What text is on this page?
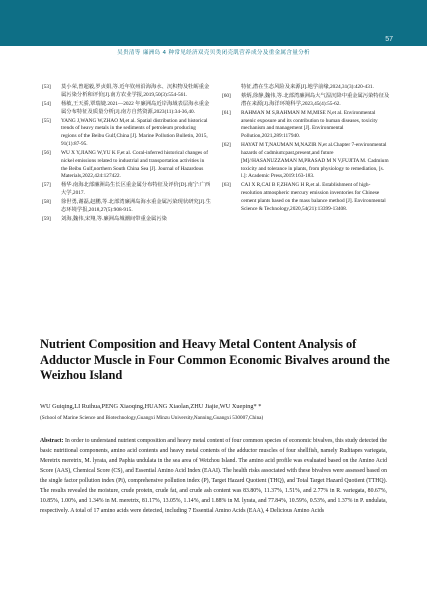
57
吴贵清等 廉洲岛 4 种常见经济双壳贝类闭壳肌营养成分及重金属含量分析
[53]	莫小荣,曾超毅,罗贞娟,等.近年钦州沿海海水、沉积物及牡蛎重金属污染分析和评价[J].南方农业学报,2019,50(3):554-561.
[54]	杨敏,王天骄,覃瑞婕.2021—2022 年廉洲岛近岸海域表层海水重金属分布特征及质量分析[J].南方自然资源,2023(11):34-36,40.
[55]	YANG J,WANG W,ZHAO M,et al. Spatial distribution and historical trends of heavy metals in the sediments of petroleum producing regions of the Beibu Gulf,China [J]. Marine Pollution Bulletin, 2015, 91(1):87-95.
[56]	WU X Y,JIANG W,YU K F,et al. Coral-inferred historical changes of nickel emissions related to industrial and transportation activities in the Beibu Gulf,northern South China Sea [J]. Journal of Hazardous Materials,2022,424:127422.
[57]	杨华.南海北部廉洲岛生长区重金属分布特征及评价[D].南宁:广西大学,2017.
[58]	徐世勇,谢磊,赵鹏,等.北部湾廉洲岛海水重金属污染现状研究[J].生态环境学报,2018,27(5):908-915.
[59]	刘海,魏伟,宋翔,等.廉洲岛城潮间带重金属污染
特征,潜在生态风险及来源[J].地学前缘,2024,31(3):420-431.
[60]	蔡炳,徐静,魏伟,等.北部湾廉洲岛大气湿沉降中重金属污染特征及潜在来源[J].海洋环境科学,2023,45(4):55-62.
[61]	RAHMAN M S,RAHMAN M M,MISE N,et al. Environmental arsenic exposure and its contribution to human diseases, toxicity mechanism and management [J]. Environmental Pollution,2021,289:117940.
[62]	HAYAT M T,NAUMAN M,NAZIR N,et al.Chapter 7-environmental hazards of cadmium:past,present,and future [M]//HASANUZZAMAN M,PRASAD M N V,FUJITA M. Cadmium toxicity and tolerance in plants, from physiology to remediation, [s. l.]: Academic Press,2019:163-183.
[63]	CAI X R,CAI B F,ZHANG H R,et al. Establishment of high-resolution atmospheric mercury emission inventories for Chinese cement plants based on the mass balance method [J]. Environmental Science & Technology,2020,54(21):13399-13408.
Nutrient Composition and Heavy Metal Content Analysis of Adductor Muscle in Four Common Economic Bivalves around the Weizhou Island
WU Guiqing,LI Ruihua,PENG Xiaoqing,HUANG Xiaolan,ZHU Jiajie,WU Xueping* *
(School of Marine Science and Biotechnology,Guangxi Minzu University,Nanning,Guangxi 530007,China)
Abstract: In order to understand nutrient composition and heavy metal content of four common species of economic bivalves, this study detected the basic nutritional components, amino acid contents and heavy metal contents of the adductor muscles of four shellfish, namely Ruditapes variegata, Meretrix meretrix, M. lyrata, and Paphia undulata in the sea area of Weizhou Island. The amino acid profile was evaluated based on the Amino Acid Score (AAS), Chemical Score (CS), and Essential Amino Acid Index (EAAI). The health risks associated with these bivalves were assessed based on the single factor pollution index (Pi), comprehensive pollution index (P), Target Hazard Quotient (THQ), and Total Target Hazard Quotient (TTHQ). The results revealed the moisture, crude protein, crude fat, and crude ash content was 83.80%, 11.37%, 1.51%, and 2.77% in R. variegata, 80.67%, 10.85%, 1.00%, and 1.34% in M. meretrix, 81.17%, 13.05%, 1.14%, and 1.88% in M. lyrata, and 77.84%, 10.59%, 0.53%, and 1.37% in P. undulata, respectively. A total of 17 amino acids were detected, including 7 Essential Amino Acids (EAA), 4 Delicious Amino Acids
